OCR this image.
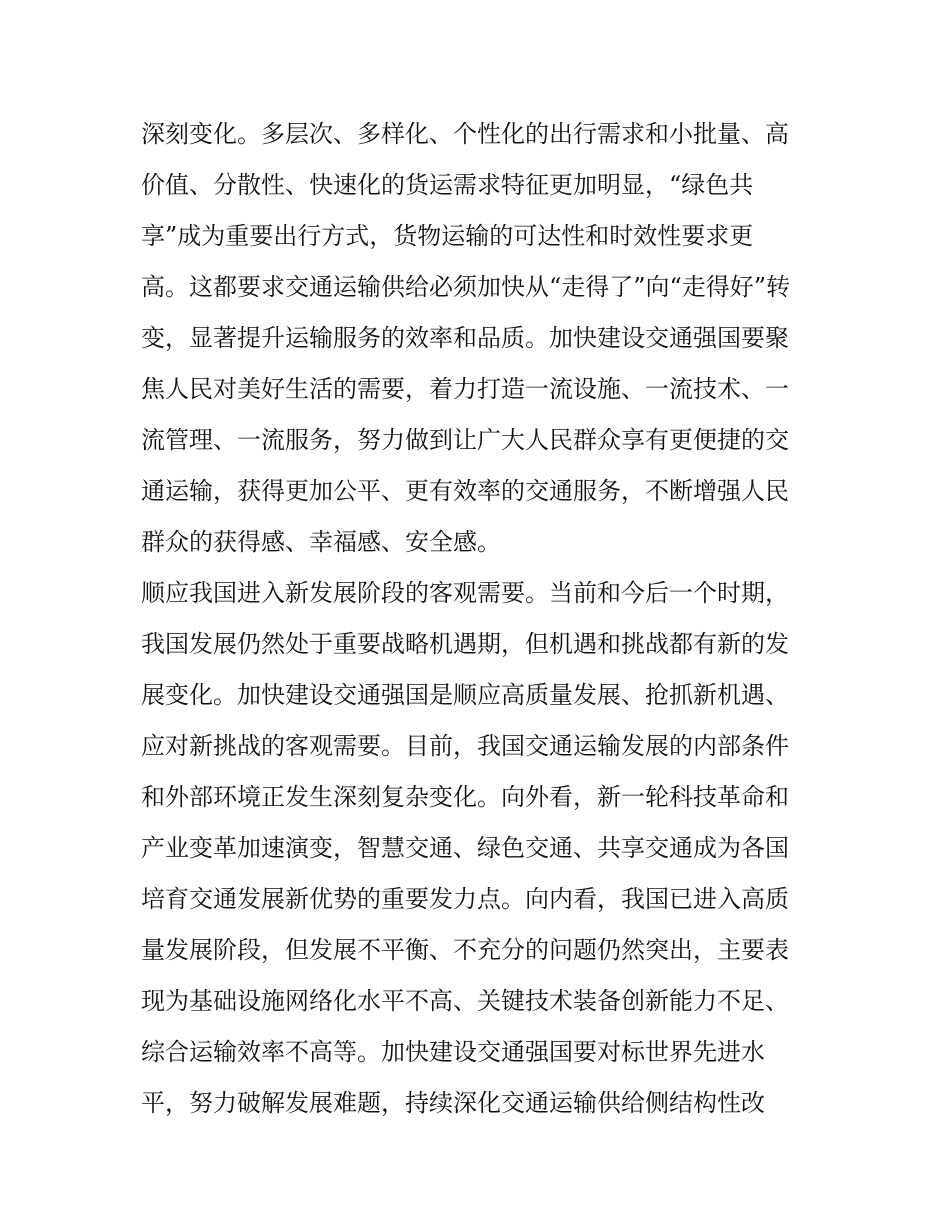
深刻变化。多层次、多样化、个性化的出行需求和小批量、高
价值、分散性、快速化的货运需求特征更加明显，“绿色共
享”成为重要出行方式，货物运输的可达性和时效性要求更
高。这都要求交通运输供给必须加快从“走得了”向“走得好”转
变，显著提升运输服务的效率和品质。加快建设交通强国要聚
焦人民对美好生活的需要，着力打造一流设施、一流技术、一
流管理、一流服务，努力做到让广大人民群众享有更便捷的交
通运输，获得更加公平、更有效率的交通服务，不断增强人民
群众的获得感、幸福感、安全感。
顺应我国进入新发展阶段的客观需要。当前和今后一个时期，
我国发展仍然处于重要战略机遇期，但机遇和挑战都有新的发
展变化。加快建设交通强国是顺应高质量发展、抢抓新机遇、
应对新挑战的客观需要。目前，我国交通运输发展的内部条件
和外部环境正发生深刻复杂变化。向外看，新一轮科技革命和
产业变革加速演变，智慧交通、绿色交通、共享交通成为各国
培育交通发展新优势的重要发力点。向内看，我国已进入高质
量发展阶段，但发展不平衡、不充分的问题仍然突出，主要表
现为基础设施网络化水平不高、关键技术装备创新能力不足、
综合运输效率不高等。加快建设交通强国要对标世界先进水
平，努力破解发展难题，持续深化交通运输供给侧结构性改
